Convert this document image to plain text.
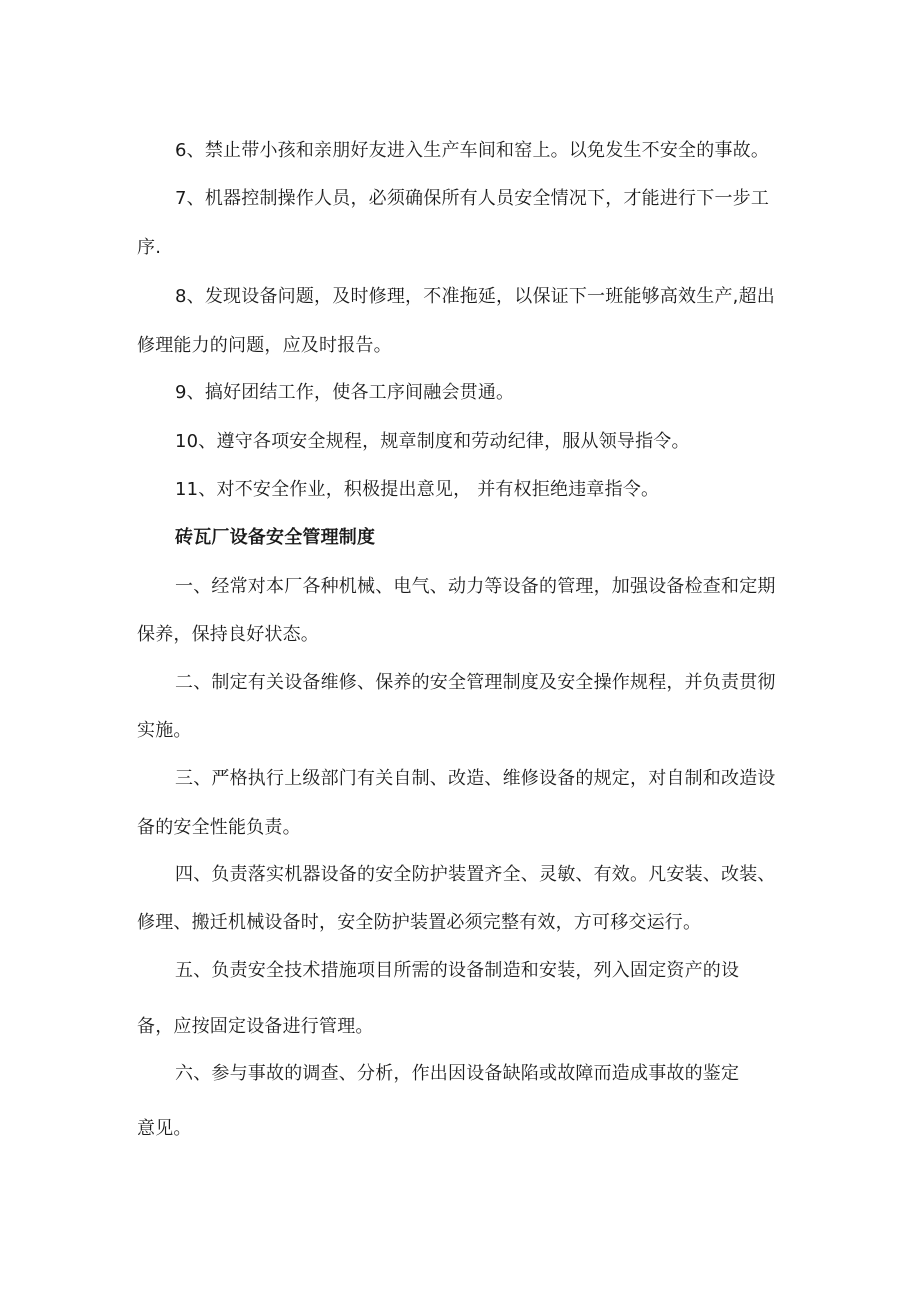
6、禁止带小孩和亲朋好友进入生产车间和窑上。以免发生不安全的事故。
7、机器控制操作人员，必须确保所有人员安全情况下，才能进行下一步工
序.
8、发现设备问题，及时修理，不准拖延，以保证下一班能够高效生产,超出
修理能力的问题，应及时报告。
9、搞好团结工作，使各工序间融会贯通。
10、遵守各项安全规程，规章制度和劳动纪律，服从领导指令。
11、对不安全作业，积极提出意见， 并有权拒绝违章指令。
砖瓦厂设备安全管理制度
一、经常对本厂各种机械、电气、动力等设备的管理，加强设备检查和定期
保养，保持良好状态。
二、制定有关设备维修、保养的安全管理制度及安全操作规程，并负责贯彻
实施。
三、严格执行上级部门有关自制、改造、维修设备的规定，对自制和改造设
备的安全性能负责。
四、负责落实机器设备的安全防护装置齐全、灵敏、有效。凡安装、改装、
修理、搬迁机械设备时，安全防护装置必须完整有效，方可移交运行。
五、负责安全技术措施项目所需的设备制造和安装，列入固定资产的设
备，应按固定设备进行管理。
六、参与事故的调查、分析，作出因设备缺陷或故障而造成事故的鉴定
意见。
